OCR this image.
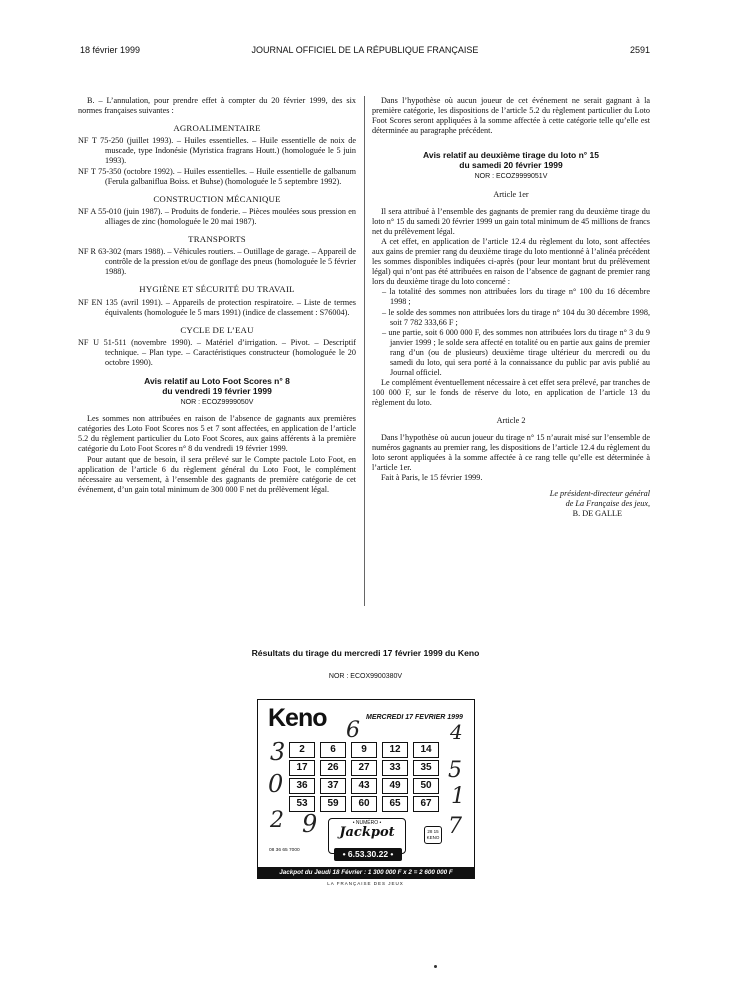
18 février 1999	JOURNAL OFFICIEL DE LA RÉPUBLIQUE FRANÇAISE	2591

B. – L’annulation, pour prendre effet à compter du 20 février 1999, des six normes françaises suivantes :

AGROALIMENTAIRE

NF T 75-250 (juillet 1993). – Huiles essentielles. – Huile essentielle de noix de muscade, type Indonésie (Myristica fragrans Houtt.) (homologuée le 5 juin 1993).

NF T 75-350 (octobre 1992). – Huiles essentielles. – Huile essentielle de galbanum (Ferula galbaniflua Boiss. et Buhse) (homologuée le 5 septembre 1992).

CONSTRUCTION MÉCANIQUE

NF A 55-010 (juin 1987). – Produits de fonderie. – Pièces moulées sous pression en alliages de zinc (homologuée le 20 mai 1987).

TRANSPORTS

NF R 63-302 (mars 1988). – Véhicules routiers. – Outillage de garage. – Appareil de contrôle de la pression et/ou de gonflage des pneus (homologuée le 5 février 1988).

HYGIÈNE ET SÉCURITÉ DU TRAVAIL

NF EN 135 (avril 1991). – Appareils de protection respiratoire. – Liste de termes équivalents (homologuée le 5 mars 1991) (indice de classement : S76004).

CYCLE DE L’EAU

NF U 51-511 (novembre 1990). – Matériel d’irrigation. – Pivot. – Descriptif technique. – Plan type. – Caractéristiques constructeur (homologuée le 20 octobre 1990).

Avis relatif au Loto Foot Scores n° 8

du vendredi 19 février 1999

NOR : ECOZ9999050V

Les sommes non attribuées en raison de l’absence de gagnants aux premières catégories des Loto Foot Scores nos 5 et 7 sont affectées, en application de l’article 5.2 du règlement particulier du Loto Foot Scores, aux gains afférents à la première catégorie du Loto Foot Scores n° 8 du vendredi 19 février 1999.

Pour autant que de besoin, il sera prélevé sur le Compte pactole Loto Foot, en application de l’article 6 du règlement général du Loto Foot, le complément nécessaire au versement, à l’ensemble des gagnants de première catégorie de cet événement, d’un gain total minimum de 300 000 F net du prélèvement légal.

Dans l’hypothèse où aucun joueur de cet événement ne serait gagnant à la première catégorie, les dispositions de l’article 5.2 du règlement particulier du Loto Foot Scores seront appliquées à la somme affectée à cette catégorie telle qu’elle est déterminée au paragraphe précédent.

Avis relatif au deuxième tirage du loto n° 15

du samedi 20 février 1999

NOR : ECOZ9999051V

Article 1er

Il sera attribué à l’ensemble des gagnants de premier rang du deuxième tirage du loto n° 15 du samedi 20 février 1999 un gain total minimum de 45 millions de francs net du prélèvement légal.

A cet effet, en application de l’article 12.4 du règlement du loto, sont affectées aux gains de premier rang du deuxième tirage du loto mentionné à l’alinéa précédent les sommes disponibles indiquées ci-après (pour leur montant brut du prélèvement légal) qui n’ont pas été attribuées en raison de l’absence de gagnant de premier rang lors du deuxième tirage du loto concerné :

– la totalité des sommes non attribuées lors du tirage n° 100 du 16 décembre 1998 ;
– le solde des sommes non attribuées lors du tirage n° 104 du 30 décembre 1998, soit 7 782 333,66 F ;
– une partie, soit 6 000 000 F, des sommes non attribuées lors du tirage n° 3 du 9 janvier 1999 ; le solde sera affecté en totalité ou en partie aux gains de premier rang d’un (ou de plusieurs) deuxième tirage ultérieur du mercredi ou du samedi du loto, qui sera porté à la connaissance du public par avis publié au Journal officiel.

Le complément éventuellement nécessaire à cet effet sera prélevé, par tranches de 100 000 F, sur le fonds de réserve du loto, en application de l’article 13 du règlement du loto.

Article 2

Dans l’hypothèse où aucun joueur du tirage n° 15 n’aurait misé sur l’ensemble de numéros gagnants au premier rang, les dispositions de l’article 12.4 du règlement du loto seront appliquées à la somme affectée à ce rang telle qu’elle est déterminée à l’article 1er.

Fait à Paris, le 15 février 1999.

Le président-directeur général

de La Française des jeux,

B. DE GALLE

Résultats du tirage du mercredi 17 février 1999 du Keno
NOR : ECOX9900380V
Keno	MERCREDI 17 FEVRIER 1999
6	4
3
5
0	1
2 9	7
2	6	9	12	14
17	26	27	33	35
36	37	43	49	50
53	59	60	65	67
• NUMÉRO •
Jackpot
• 6.53.30.22 •
28 15 KENO
08 36 65 7000
Jackpot du Jeudi 18 Février : 1 300 000 F x 2 = 2 600 000 F
LA FRANÇAISE DES JEUX
